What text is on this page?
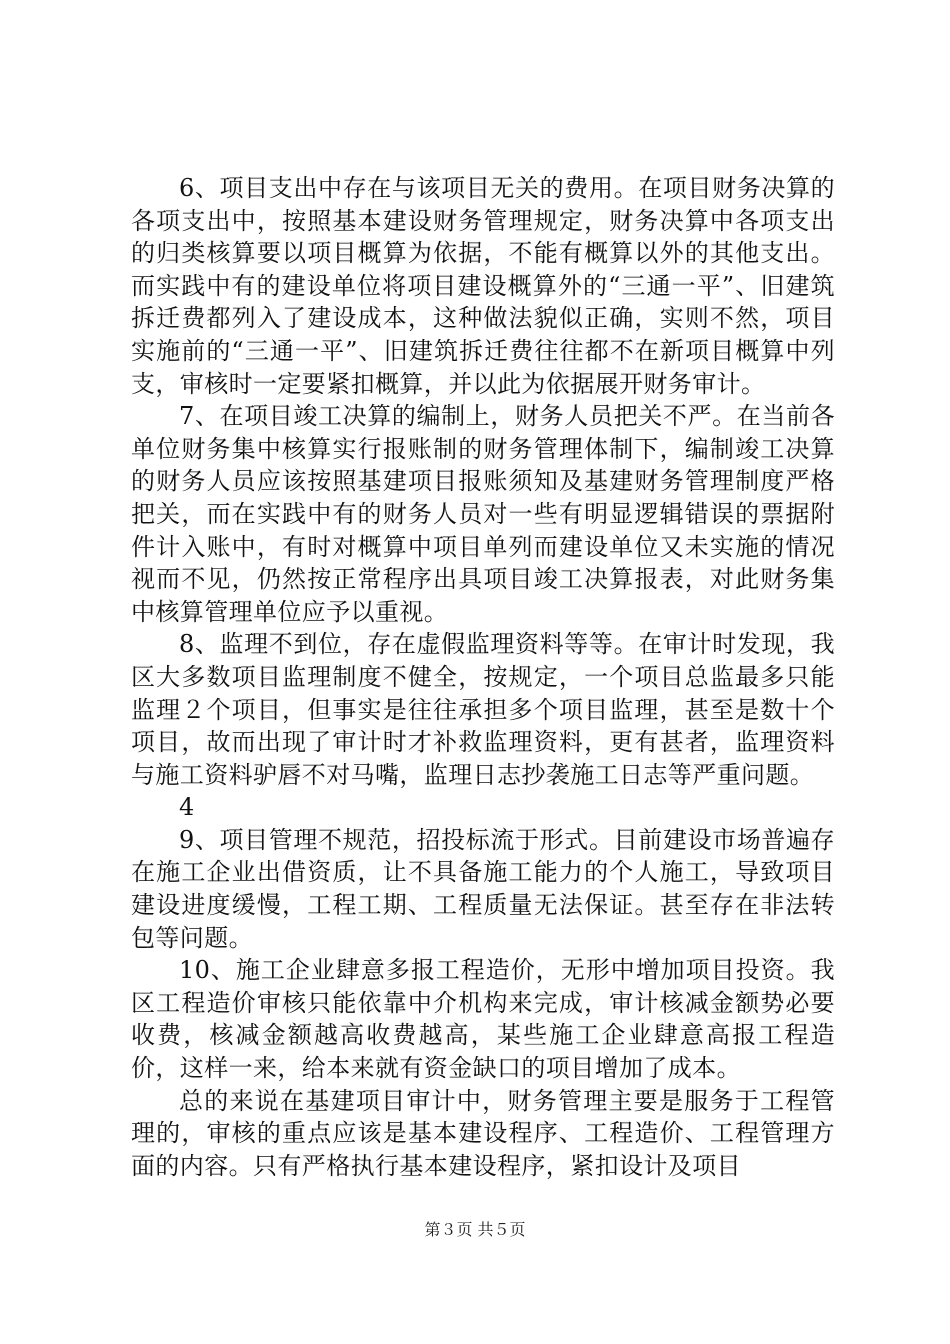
6、项目支出中存在与该项目无关的费用。在项目财务决算的各项支出中，按照基本建设财务管理规定，财务决算中各项支出的归类核算要以项目概算为依据，不能有概算以外的其他支出。而实践中有的建设单位将项目建设概算外的“三通一平”、旧建筑拆迁费都列入了建设成本，这种做法貌似正确，实则不然，项目实施前的“三通一平”、旧建筑拆迁费往往都不在新项目概算中列支，审核时一定要紧扣概算，并以此为依据展开财务审计。

7、在项目竣工决算的编制上，财务人员把关不严。在当前各单位财务集中核算实行报账制的财务管理体制下，编制竣工决算的财务人员应该按照基建项目报账须知及基建财务管理制度严格把关，而在实践中有的财务人员对一些有明显逻辑错误的票据附件计入账中，有时对概算中项目单列而建设单位又未实施的情况视而不见，仍然按正常程序出具项目竣工决算报表，对此财务集中核算管理单位应予以重视。

8、监理不到位，存在虚假监理资料等等。在审计时发现，我区大多数项目监理制度不健全，按规定，一个项目总监最多只能监理２个项目，但事实是往往承担多个项目监理，甚至是数十个项目，故而出现了审计时才补救监理资料，更有甚者，监理资料与施工资料驴唇不对马嘴，监理日志抄袭施工日志等严重问题。

4

9、项目管理不规范，招投标流于形式。目前建设市场普遍存在施工企业出借资质，让不具备施工能力的个人施工，导致项目建设进度缓慢，工程工期、工程质量无法保证。甚至存在非法转包等问题。

10、施工企业肆意多报工程造价，无形中增加项目投资。我区工程造价审核只能依靠中介机构来完成，审计核减金额势必要收费，核减金额越高收费越高，某些施工企业肆意高报工程造价，这样一来，给本来就有资金缺口的项目增加了成本。

总的来说在基建项目审计中，财务管理主要是服务于工程管理的，审核的重点应该是基本建设程序、工程造价、工程管理方面的内容。只有严格执行基本建设程序，紧扣设计及项目

第３页 共５页
